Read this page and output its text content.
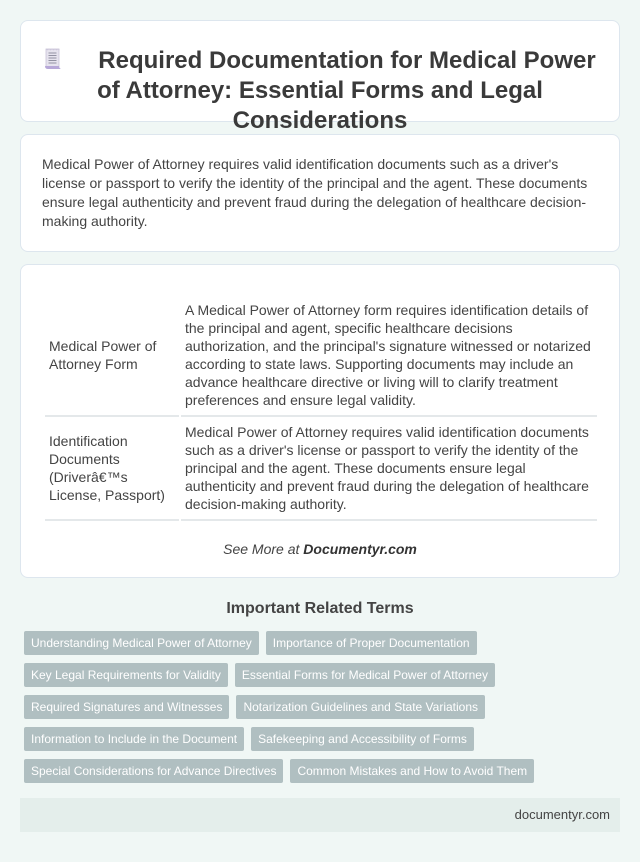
Required Documentation for Medical Power of Attorney: Essential Forms and Legal Considerations

Medical Power of Attorney requires valid identification documents such as a driver's license or passport to verify the identity of the principal and the agent. These documents ensure legal authenticity and prevent fraud during the delegation of healthcare decision-making authority.

Medical Power of Attorney Form	A Medical Power of Attorney form requires identification details of the principal and agent, specific healthcare decisions authorization, and the principal's signature witnessed or notarized according to state laws. Supporting documents may include an advance healthcare directive or living will to clarify treatment preferences and ensure legal validity.
Identification Documents (Driverâ€™s License, Passport)	Medical Power of Attorney requires valid identification documents such as a driver's license or passport to verify the identity of the principal and the agent. These documents ensure legal authenticity and prevent fraud during the delegation of healthcare decision-making authority.
See More at Documentyr.com
Important Related Terms
Understanding Medical Power of Attorney	Importance of Proper Documentation
Key Legal Requirements for Validity	Essential Forms for Medical Power of Attorney
Required Signatures and Witnesses	Notarization Guidelines and State Variations
Information to Include in the Document	Safekeeping and Accessibility of Forms
Special Considerations for Advance Directives	Common Mistakes and How to Avoid Them
documentyr.com
